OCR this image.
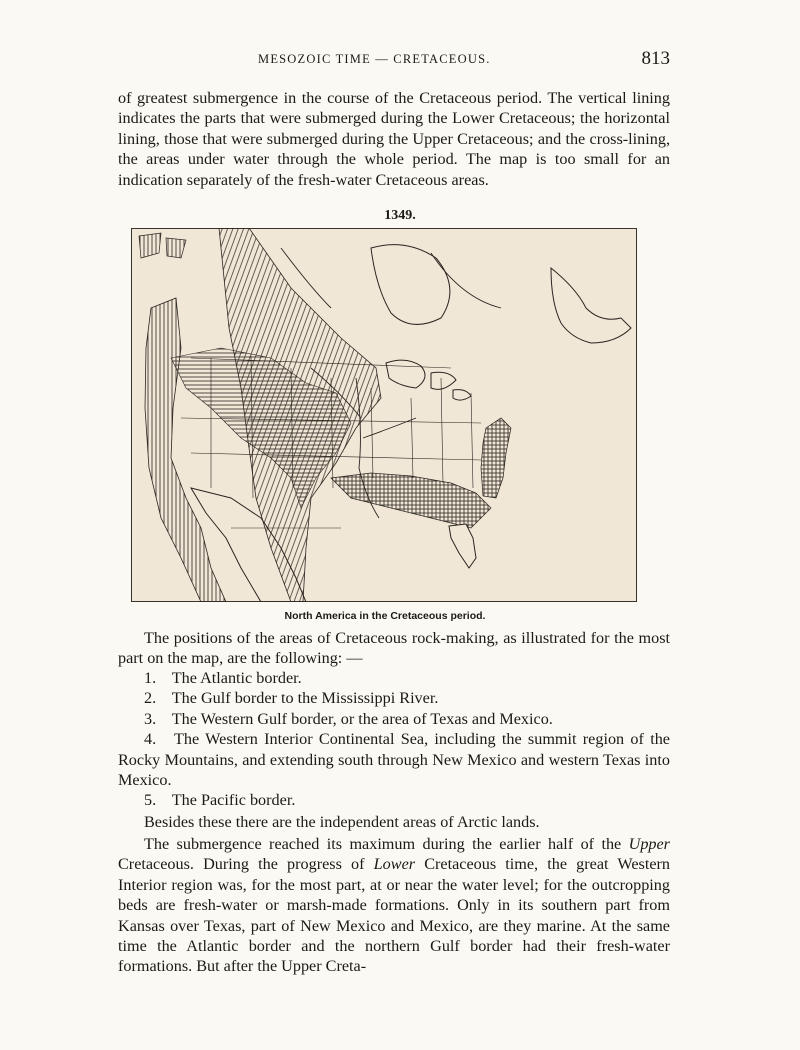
MESOZOIC TIME — CRETACEOUS.	813

of greatest submergence in the course of the Cretaceous period. The vertical lining indicates the parts that were submerged during the Lower Cretaceous; the horizontal lining, those that were submerged during the Upper Cretaceous; and the cross-lining, the areas under water through the whole period. The map is too small for an indication separately of the fresh-water Cretaceous areas.

1349.
North America in the Cretaceous period.

The positions of the areas of Cretaceous rock-making, as illustrated for the most part on the map, are the following: —

1. The Atlantic border.
2. The Gulf border to the Mississippi River.
3. The Western Gulf border, or the area of Texas and Mexico.
4. The Western Interior Continental Sea, including the summit region of the Rocky Mountains, and extending south through New Mexico and western Texas into Mexico.
5. The Pacific border.

Besides these there are the independent areas of Arctic lands.

The submergence reached its maximum during the earlier half of the Upper Cretaceous. During the progress of Lower Cretaceous time, the great Western Interior region was, for the most part, at or near the water level; for the outcropping beds are fresh-water or marsh-made formations. Only in its southern part from Kansas over Texas, part of New Mexico and Mexico, are they marine. At the same time the Atlantic border and the northern Gulf border had their fresh-water formations. But after the Upper Creta-
